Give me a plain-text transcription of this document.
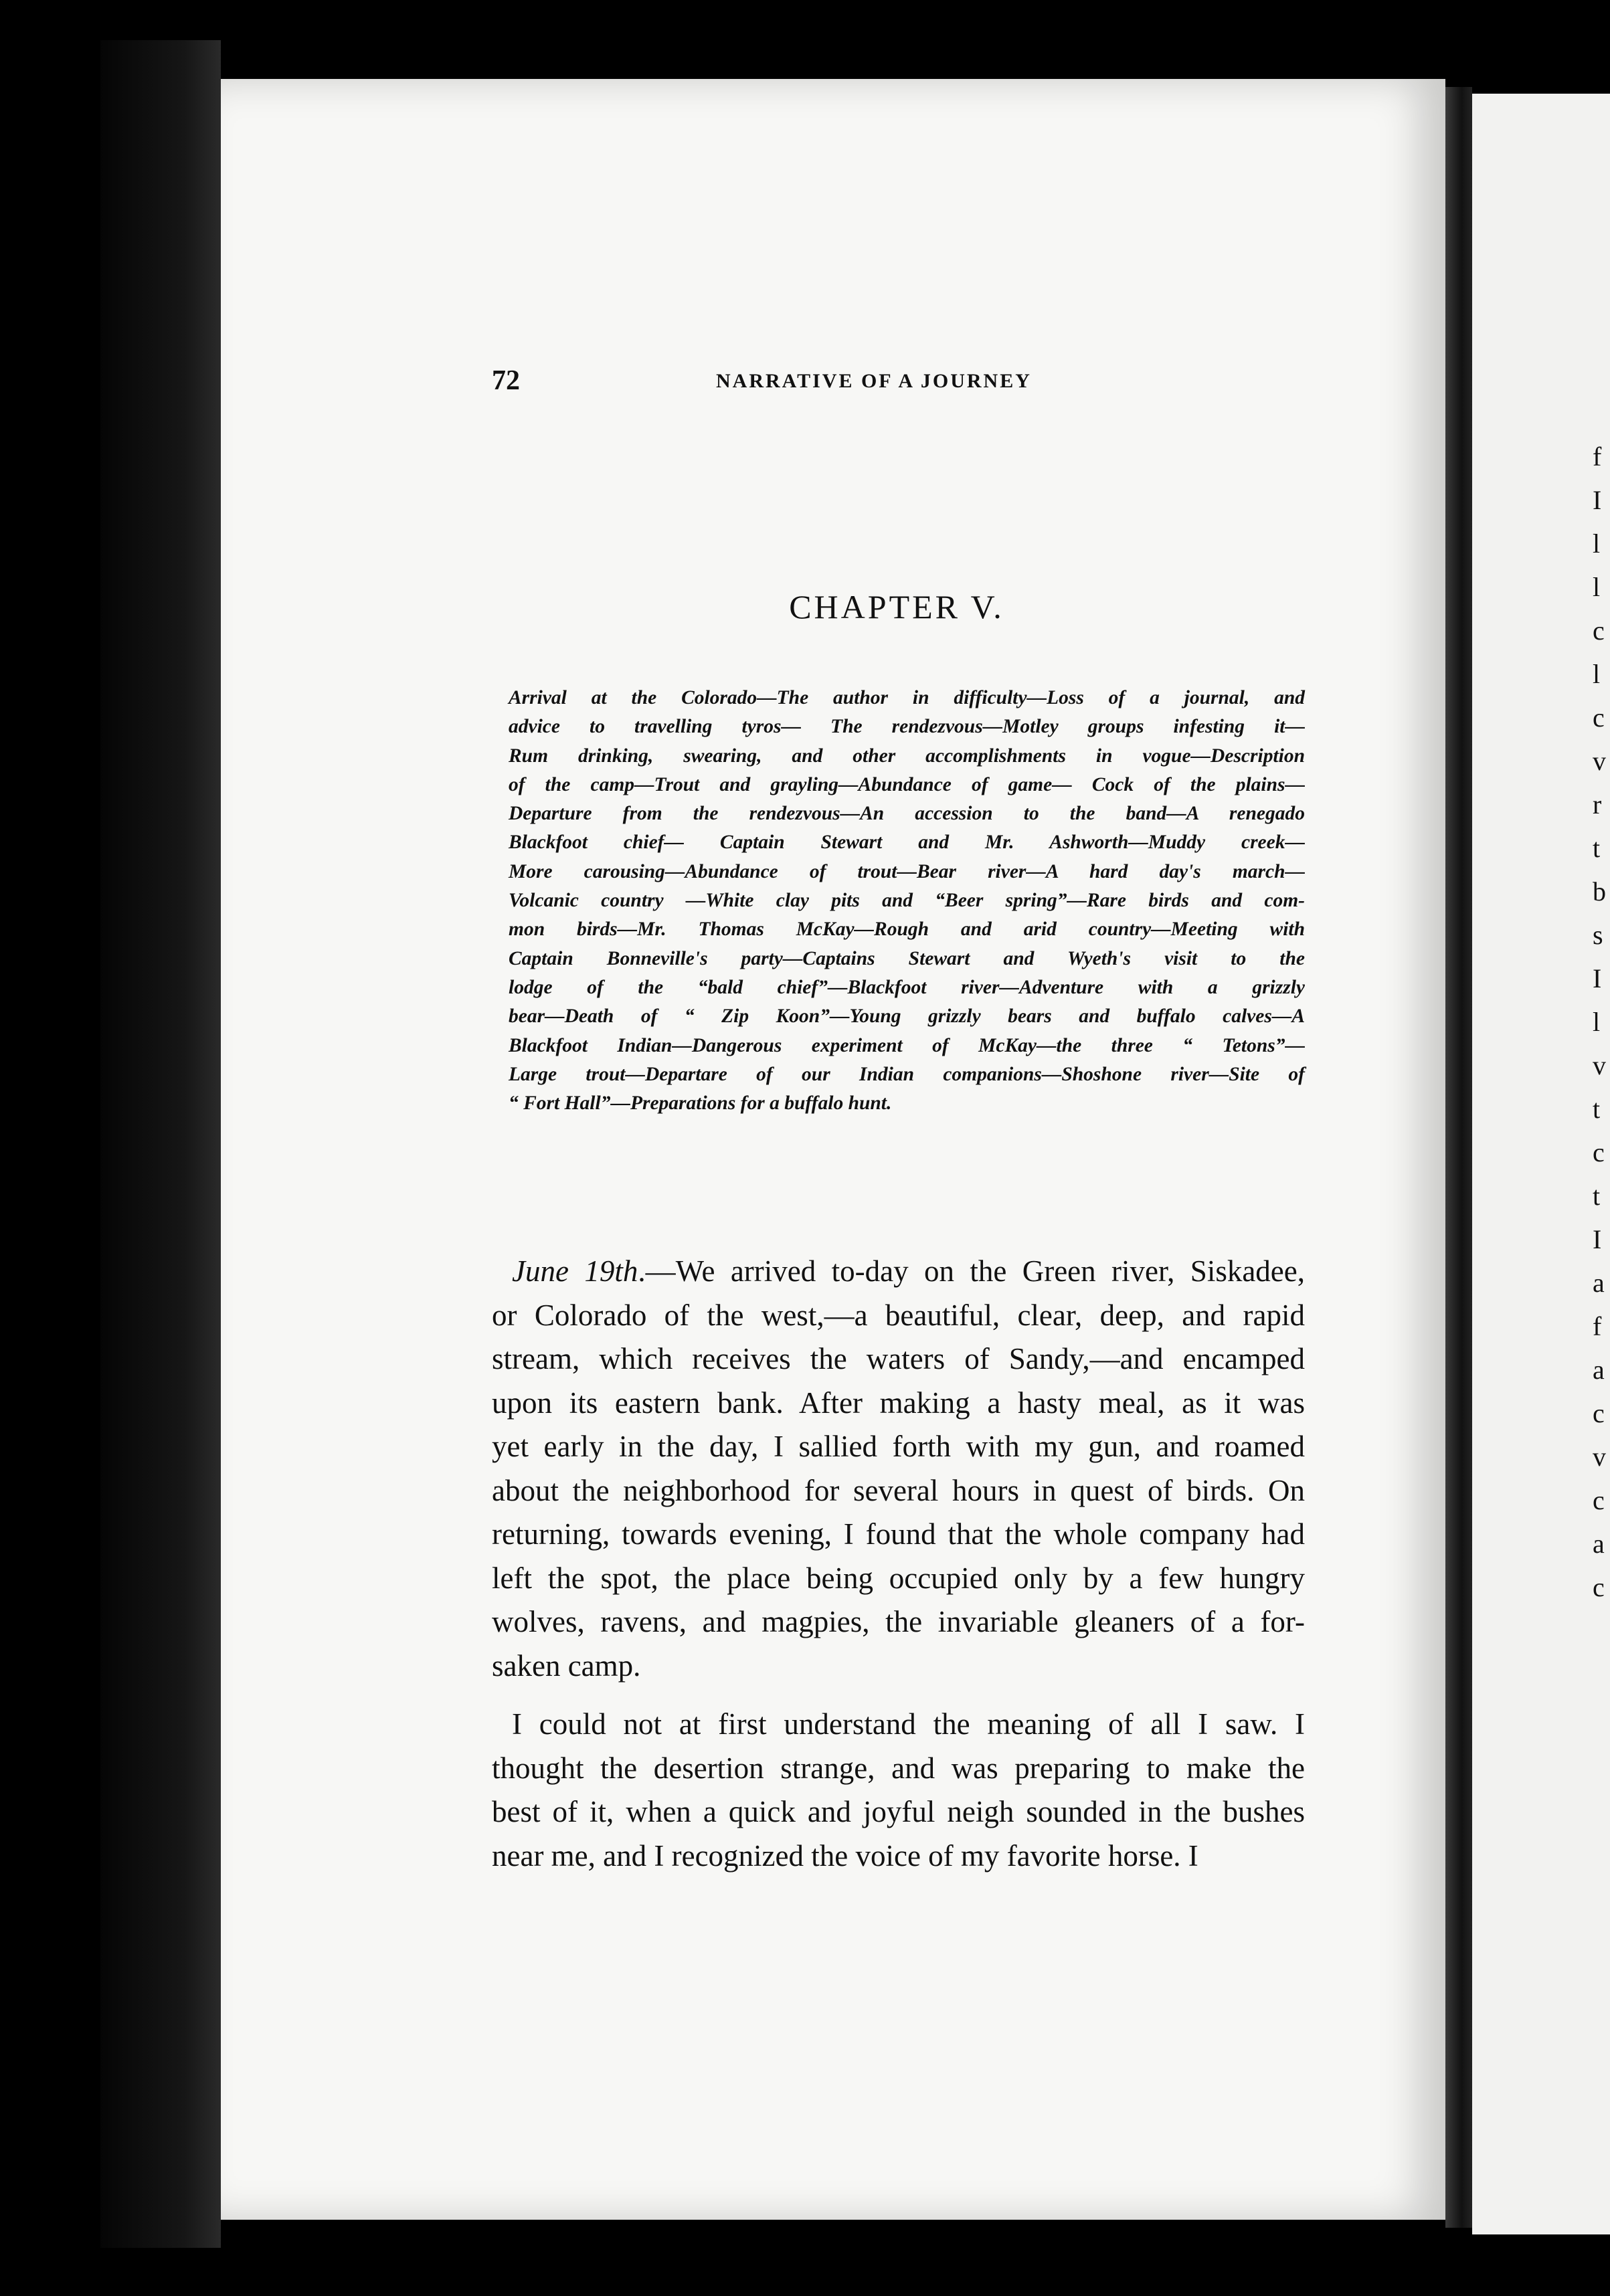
72	NARRATIVE OF A JOURNEY
CHAPTER V.
Arrival at the Colorado—The author in difficulty—Loss of a journal, and
advice to travelling tyros— The rendezvous—Motley groups infesting it—
Rum drinking, swearing, and other accomplishments in vogue—Description
of the camp—Trout and grayling—Abundance of game— Cock of the plains—
Departure from the rendezvous—An accession to the band—A renegado
Blackfoot chief— Captain Stewart and Mr. Ashworth—Muddy creek—
More carousing—Abundance of trout—Bear river—A hard day's march—
Volcanic country —White clay pits and “Beer spring”—Rare birds and com-
mon birds—Mr. Thomas McKay—Rough and arid country—Meeting with
Captain Bonneville's party—Captains Stewart and Wyeth's visit to the
lodge of the “bald chief”—Blackfoot river—Adventure with a grizzly
bear—Death of “ Zip Koon”—Young grizzly bears and buffalo calves—A
Blackfoot Indian—Dangerous experiment of McKay—the three “ Tetons”—
Large trout—Departare of our Indian companions—Shoshone river—Site of
“ Fort Hall”—Preparations for a buffalo hunt.
June 19th.—We arrived to-day on the Green river, Siskadee,
or Colorado of the west,—a beautiful, clear, deep, and rapid
stream, which receives the waters of Sandy,—and encamped
upon its eastern bank. After making a hasty meal, as it was
yet early in the day, I sallied forth with my gun, and roamed
about the neighborhood for several hours in quest of birds. On
returning, towards evening, I found that the whole company had
left the spot, the place being occupied only by a few hungry
wolves, ravens, and magpies, the invariable gleaners of a for-
saken camp.
I could not at first understand the meaning of all I saw. I
thought the desertion strange, and was preparing to make the
best of it, when a quick and joyful neigh sounded in the bushes
near me, and I recognized the voice of my favorite horse. I
f
I
l
l
c
l
c
v
r
t
b
s
I
l
v
t
c
t
I
a
f
a
c
v
c
a
c
